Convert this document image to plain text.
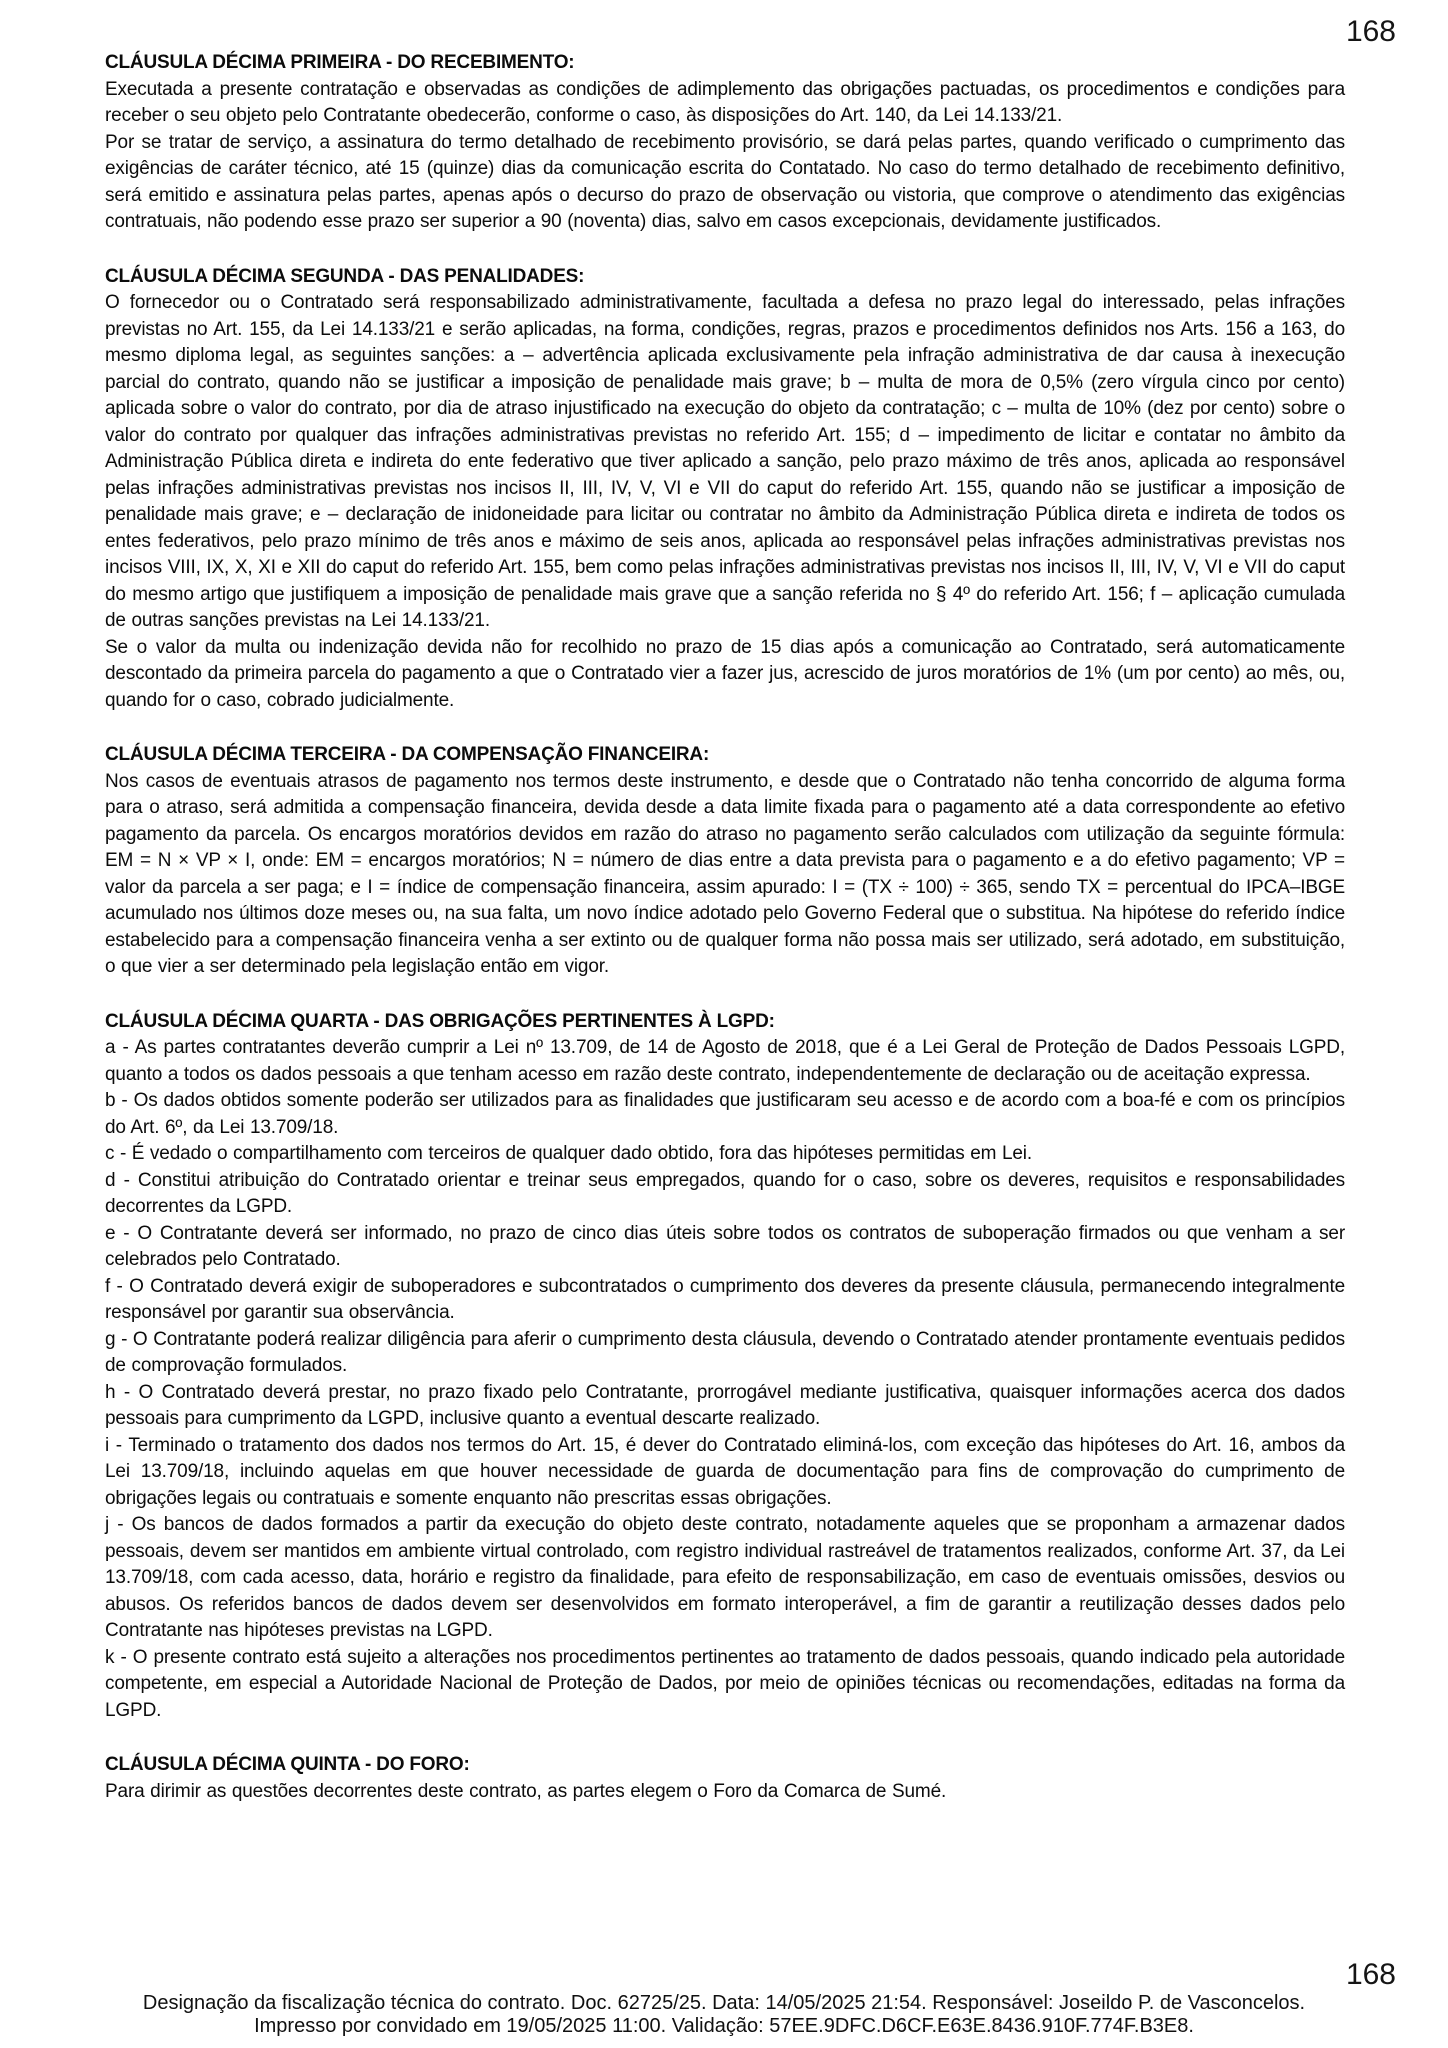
168
CLÁUSULA DÉCIMA PRIMEIRA - DO RECEBIMENTO:

Executada a presente contratação e observadas as condições de adimplemento das obrigações pactuadas, os procedimentos e condições para receber o seu objeto pelo Contratante obedecerão, conforme o caso, às disposições do Art. 140, da Lei 14.133/21.

Por se tratar de serviço, a assinatura do termo detalhado de recebimento provisório, se dará pelas partes, quando verificado o cumprimento das exigências de caráter técnico, até 15 (quinze) dias da comunicação escrita do Contatado. No caso do termo detalhado de recebimento definitivo, será emitido e assinatura pelas partes, apenas após o decurso do prazo de observação ou vistoria, que comprove o atendimento das exigências contratuais, não podendo esse prazo ser superior a 90 (noventa) dias, salvo em casos excepcionais, devidamente justificados.

CLÁUSULA DÉCIMA SEGUNDA - DAS PENALIDADES:

O fornecedor ou o Contratado será responsabilizado administrativamente, facultada a defesa no prazo legal do interessado, pelas infrações previstas no Art. 155, da Lei 14.133/21 e serão aplicadas, na forma, condições, regras, prazos e procedimentos definidos nos Arts. 156 a 163, do mesmo diploma legal, as seguintes sanções: a – advertência aplicada exclusivamente pela infração administrativa de dar causa à inexecução parcial do contrato, quando não se justificar a imposição de penalidade mais grave; b – multa de mora de 0,5% (zero vírgula cinco por cento) aplicada sobre o valor do contrato, por dia de atraso injustificado na execução do objeto da contratação; c – multa de 10% (dez por cento) sobre o valor do contrato por qualquer das infrações administrativas previstas no referido Art. 155; d – impedimento de licitar e contatar no âmbito da Administração Pública direta e indireta do ente federativo que tiver aplicado a sanção, pelo prazo máximo de três anos, aplicada ao responsável pelas infrações administrativas previstas nos incisos II, III, IV, V, VI e VII do caput do referido Art. 155, quando não se justificar a imposição de penalidade mais grave; e – declaração de inidoneidade para licitar ou contratar no âmbito da Administração Pública direta e indireta de todos os entes federativos, pelo prazo mínimo de três anos e máximo de seis anos, aplicada ao responsável pelas infrações administrativas previstas nos incisos VIII, IX, X, XI e XII do caput do referido Art. 155, bem como pelas infrações administrativas previstas nos incisos II, III, IV, V, VI e VII do caput do mesmo artigo que justifiquem a imposição de penalidade mais grave que a sanção referida no § 4º do referido Art. 156; f – aplicação cumulada de outras sanções previstas na Lei 14.133/21.

Se o valor da multa ou indenização devida não for recolhido no prazo de 15 dias após a comunicação ao Contratado, será automaticamente descontado da primeira parcela do pagamento a que o Contratado vier a fazer jus, acrescido de juros moratórios de 1% (um por cento) ao mês, ou, quando for o caso, cobrado judicialmente.

CLÁUSULA DÉCIMA TERCEIRA - DA COMPENSAÇÃO FINANCEIRA:

Nos casos de eventuais atrasos de pagamento nos termos deste instrumento, e desde que o Contratado não tenha concorrido de alguma forma para o atraso, será admitida a compensação financeira, devida desde a data limite fixada para o pagamento até a data correspondente ao efetivo pagamento da parcela. Os encargos moratórios devidos em razão do atraso no pagamento serão calculados com utilização da seguinte fórmula: EM = N × VP × I, onde: EM = encargos moratórios; N = número de dias entre a data prevista para o pagamento e a do efetivo pagamento; VP = valor da parcela a ser paga; e I = índice de compensação financeira, assim apurado: I = (TX ÷ 100) ÷ 365, sendo TX = percentual do IPCA–IBGE acumulado nos últimos doze meses ou, na sua falta, um novo índice adotado pelo Governo Federal que o substitua. Na hipótese do referido índice estabelecido para a compensação financeira venha a ser extinto ou de qualquer forma não possa mais ser utilizado, será adotado, em substituição, o que vier a ser determinado pela legislação então em vigor.

CLÁUSULA DÉCIMA QUARTA - DAS OBRIGAÇÕES PERTINENTES À LGPD:

a - As partes contratantes deverão cumprir a Lei nº 13.709, de 14 de Agosto de 2018, que é a Lei Geral de Proteção de Dados Pessoais LGPD, quanto a todos os dados pessoais a que tenham acesso em razão deste contrato, independentemente de declaração ou de aceitação expressa.

b - Os dados obtidos somente poderão ser utilizados para as finalidades que justificaram seu acesso e de acordo com a boa-fé e com os princípios do Art. 6º, da Lei 13.709/18.

c - É vedado o compartilhamento com terceiros de qualquer dado obtido, fora das hipóteses permitidas em Lei.

d - Constitui atribuição do Contratado orientar e treinar seus empregados, quando for o caso, sobre os deveres, requisitos e responsabilidades decorrentes da LGPD.

e - O Contratante deverá ser informado, no prazo de cinco dias úteis sobre todos os contratos de suboperação firmados ou que venham a ser celebrados pelo Contratado.

f - O Contratado deverá exigir de suboperadores e subcontratados o cumprimento dos deveres da presente cláusula, permanecendo integralmente responsável por garantir sua observância.

g - O Contratante poderá realizar diligência para aferir o cumprimento desta cláusula, devendo o Contratado atender prontamente eventuais pedidos de comprovação formulados.

h - O Contratado deverá prestar, no prazo fixado pelo Contratante, prorrogável mediante justificativa, quaisquer informações acerca dos dados pessoais para cumprimento da LGPD, inclusive quanto a eventual descarte realizado.

i - Terminado o tratamento dos dados nos termos do Art. 15, é dever do Contratado eliminá-los, com exceção das hipóteses do Art. 16, ambos da Lei 13.709/18, incluindo aquelas em que houver necessidade de guarda de documentação para fins de comprovação do cumprimento de obrigações legais ou contratuais e somente enquanto não prescritas essas obrigações.

j - Os bancos de dados formados a partir da execução do objeto deste contrato, notadamente aqueles que se proponham a armazenar dados pessoais, devem ser mantidos em ambiente virtual controlado, com registro individual rastreável de tratamentos realizados, conforme Art. 37, da Lei 13.709/18, com cada acesso, data, horário e registro da finalidade, para efeito de responsabilização, em caso de eventuais omissões, desvios ou abusos. Os referidos bancos de dados devem ser desenvolvidos em formato interoperável, a fim de garantir a reutilização desses dados pelo Contratante nas hipóteses previstas na LGPD.

k - O presente contrato está sujeito a alterações nos procedimentos pertinentes ao tratamento de dados pessoais, quando indicado pela autoridade competente, em especial a Autoridade Nacional de Proteção de Dados, por meio de opiniões técnicas ou recomendações, editadas na forma da LGPD.

CLÁUSULA DÉCIMA QUINTA - DO FORO:

Para dirimir as questões decorrentes deste contrato, as partes elegem o Foro da Comarca de Sumé.

168
Designação da fiscalização técnica do contrato. Doc. 62725/25. Data: 14/05/2025 21:54. Responsável: Joseildo P. de Vasconcelos.
Impresso por convidado em 19/05/2025 11:00. Validação: 57EE.9DFC.D6CF.E63E.8436.910F.774F.B3E8.
